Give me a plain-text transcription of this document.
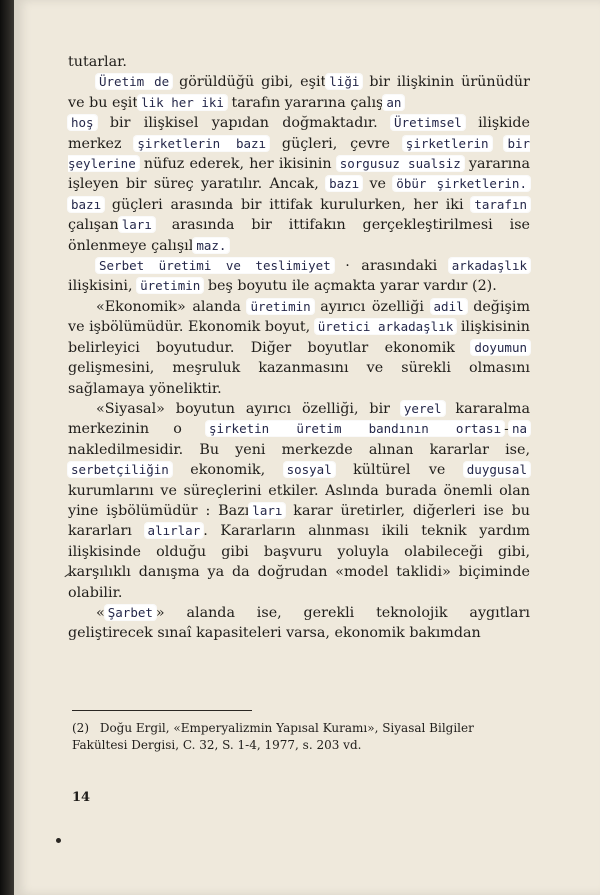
tutarlar.

Üretim de görüldüğü gibi, eşit liği bir ilişkinin ürünüdür ve bu eşit lik her iki tarafın yararına çalış an

hoş bir ilişkisel yapıdan doğmaktadır. Üretimsel ilişkide merkez şirketlerin bazı güçleri, çevre şirketlerin bir şeylerine nüfuz ederek, her ikisinin sorgusuz sualsiz yararına işleyen bir süreç yaratılır. Ancak, bazı ve öbür şirketlerin. bazı güçleri arasında bir ittifak kurulurken, her iki tarafın çalışan ları arasında bir ittifakın gerçekleştirilmesi ise önlenmeye çalışıl maz.

Serbet üretimi ve teslimiyet · arasındaki arkadaşlık ilişkisini, üretimin beş boyutu ile açmakta yarar vardır (2).

«Ekonomik» alanda üretimin ayırıcı özelliği adil değişim ve işbölümüdür. Ekonomik boyut, üretici arkadaşlık ilişkisinin belirleyici boyutudur. Diğer boyutlar ekonomik doyumun gelişmesini, meşruluk kazanmasını ve sürekli olmasını sağlamaya yöneliktir.

«Siyasal» boyutun ayırıcı özelliği, bir yerel kararalma merkezinin o şirketin üretim bandının ortası - na nakledilmesidir. Bu yeni merkezde alınan kararlar ise, serbetçiliğin ekonomik, sosyal kültürel ve duygusal kurumlarını ve süreçlerini etkiler. Aslında burada önemli olan yine işbölümüdür : Bazı ları karar üretirler, diğerleri ise bu kararları alırlar . Kararların alınması ikili teknik yardım ilişkisinde olduğu gibi başvuru yoluyla olabileceği gibi, karşılıklı danışma ya da doğrudan «model taklidi» biçiminde olabilir.

« Şarbet » alanda ise, gerekli teknolojik aygıtları geliştirecek sınaî kapasiteleri varsa, ekonomik bakımdan

(2) Doğu Ergil, «Emperyalizmin Yapısal Kuramı», Siyasal Bilgiler Fakültesi Dergisi, C. 32, S. 1-4, 1977, s. 203 vd.
14
